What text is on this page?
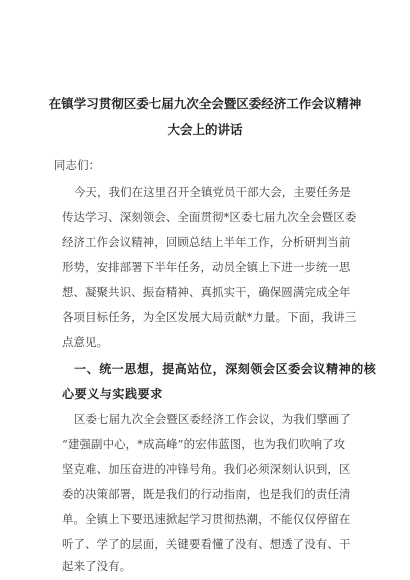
在镇学习贯彻区委七届九次全会暨区委经济工作会议精神
大会上的讲话
同志们：
今天，我们在这里召开全镇党员干部大会，主要任务是
传达学习、深刻领会、全面贯彻*区委七届九次全会暨区委
经济工作会议精神，回顾总结上半年工作，分析研判当前
形势，安排部署下半年任务，动员全镇上下进一步统一思
想、凝聚共识、振奋精神、真抓实干，确保圆满完成全年
各项目标任务，为全区发展大局贡献*力量。下面，我讲三
点意见。
一、统一思想，提高站位，深刻领会区委会议精神的核
心要义与实践要求
区委七届九次全会暨区委经济工作会议，为我们擘画了
“建强副中心，*成高峰”的宏伟蓝图，也为我们吹响了攻
坚克难、加压奋进的冲锋号角。我们必须深刻认识到，区
委的决策部署，既是我们的行动指南，也是我们的责任清
单。全镇上下要迅速掀起学习贯彻热潮，不能仅仅停留在
听了、学了的层面，关键要看懂了没有、想透了没有、干
起来了没有。
